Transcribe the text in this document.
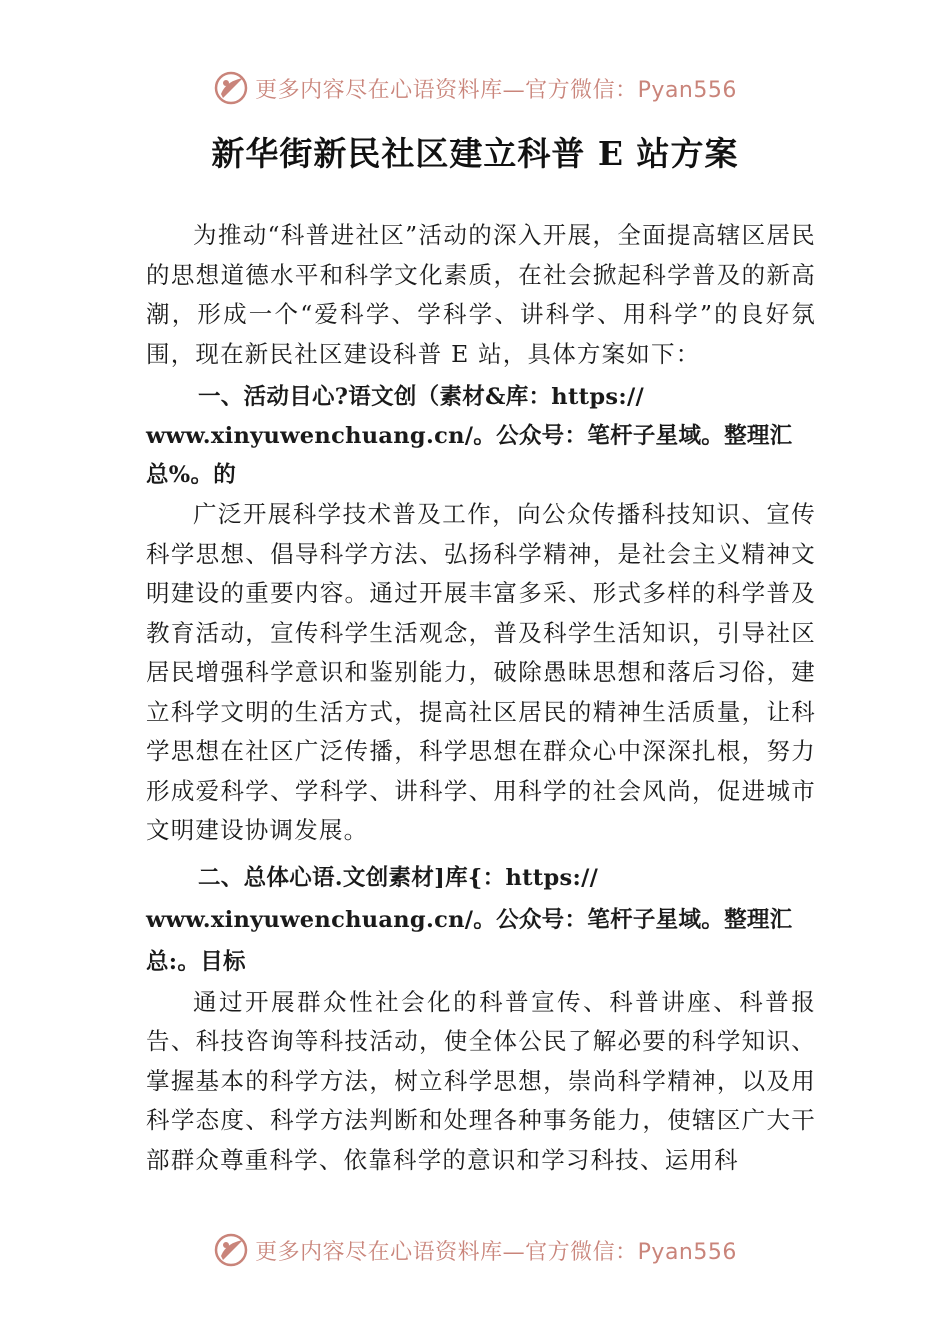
更多内容尽在心语资料库—官方微信：Pyan556
新华街新民社区建立科普 E 站方案

为推动“科普进社区”活动的深入开展，全面提高辖区居民的思想道德水平和科学文化素质，在社会掀起科学普及的新高潮，形成一个“爱科学、学科学、讲科学、用科学”的良好氛围，现在新民社区建设科普 E 站，具体方案如下：

一、活动目心?语文创（素材&库：https://
www.xinyuwenchuang.cn/。公众号：笔杆子星域。整理汇
总%。的

广泛开展科学技术普及工作，向公众传播科技知识、宣传科学思想、倡导科学方法、弘扬科学精神，是社会主义精神文明建设的重要内容。通过开展丰富多采、形式多样的科学普及教育活动，宣传科学生活观念，普及科学生活知识，引导社区居民增强科学意识和鉴别能力，破除愚昧思想和落后习俗，建立科学文明的生活方式，提高社区居民的精神生活质量，让科学思想在社区广泛传播，科学思想在群众心中深深扎根，努力形成爱科学、学科学、讲科学、用科学的社会风尚，促进城市文明建设协调发展。

二、总体心语.文创素材]库{：https://
www.xinyuwenchuang.cn/。公众号：笔杆子星域。整理汇
总:。目标

通过开展群众性社会化的科普宣传、科普讲座、科普报告、科技咨询等科技活动，使全体公民了解必要的科学知识、掌握基本的科学方法，树立科学思想，崇尚科学精神，以及用科学态度、科学方法判断和处理各种事务能力，使辖区广大干部群众尊重科学、依靠科学的意识和学习科技、运用科

更多内容尽在心语资料库—官方微信：Pyan556
